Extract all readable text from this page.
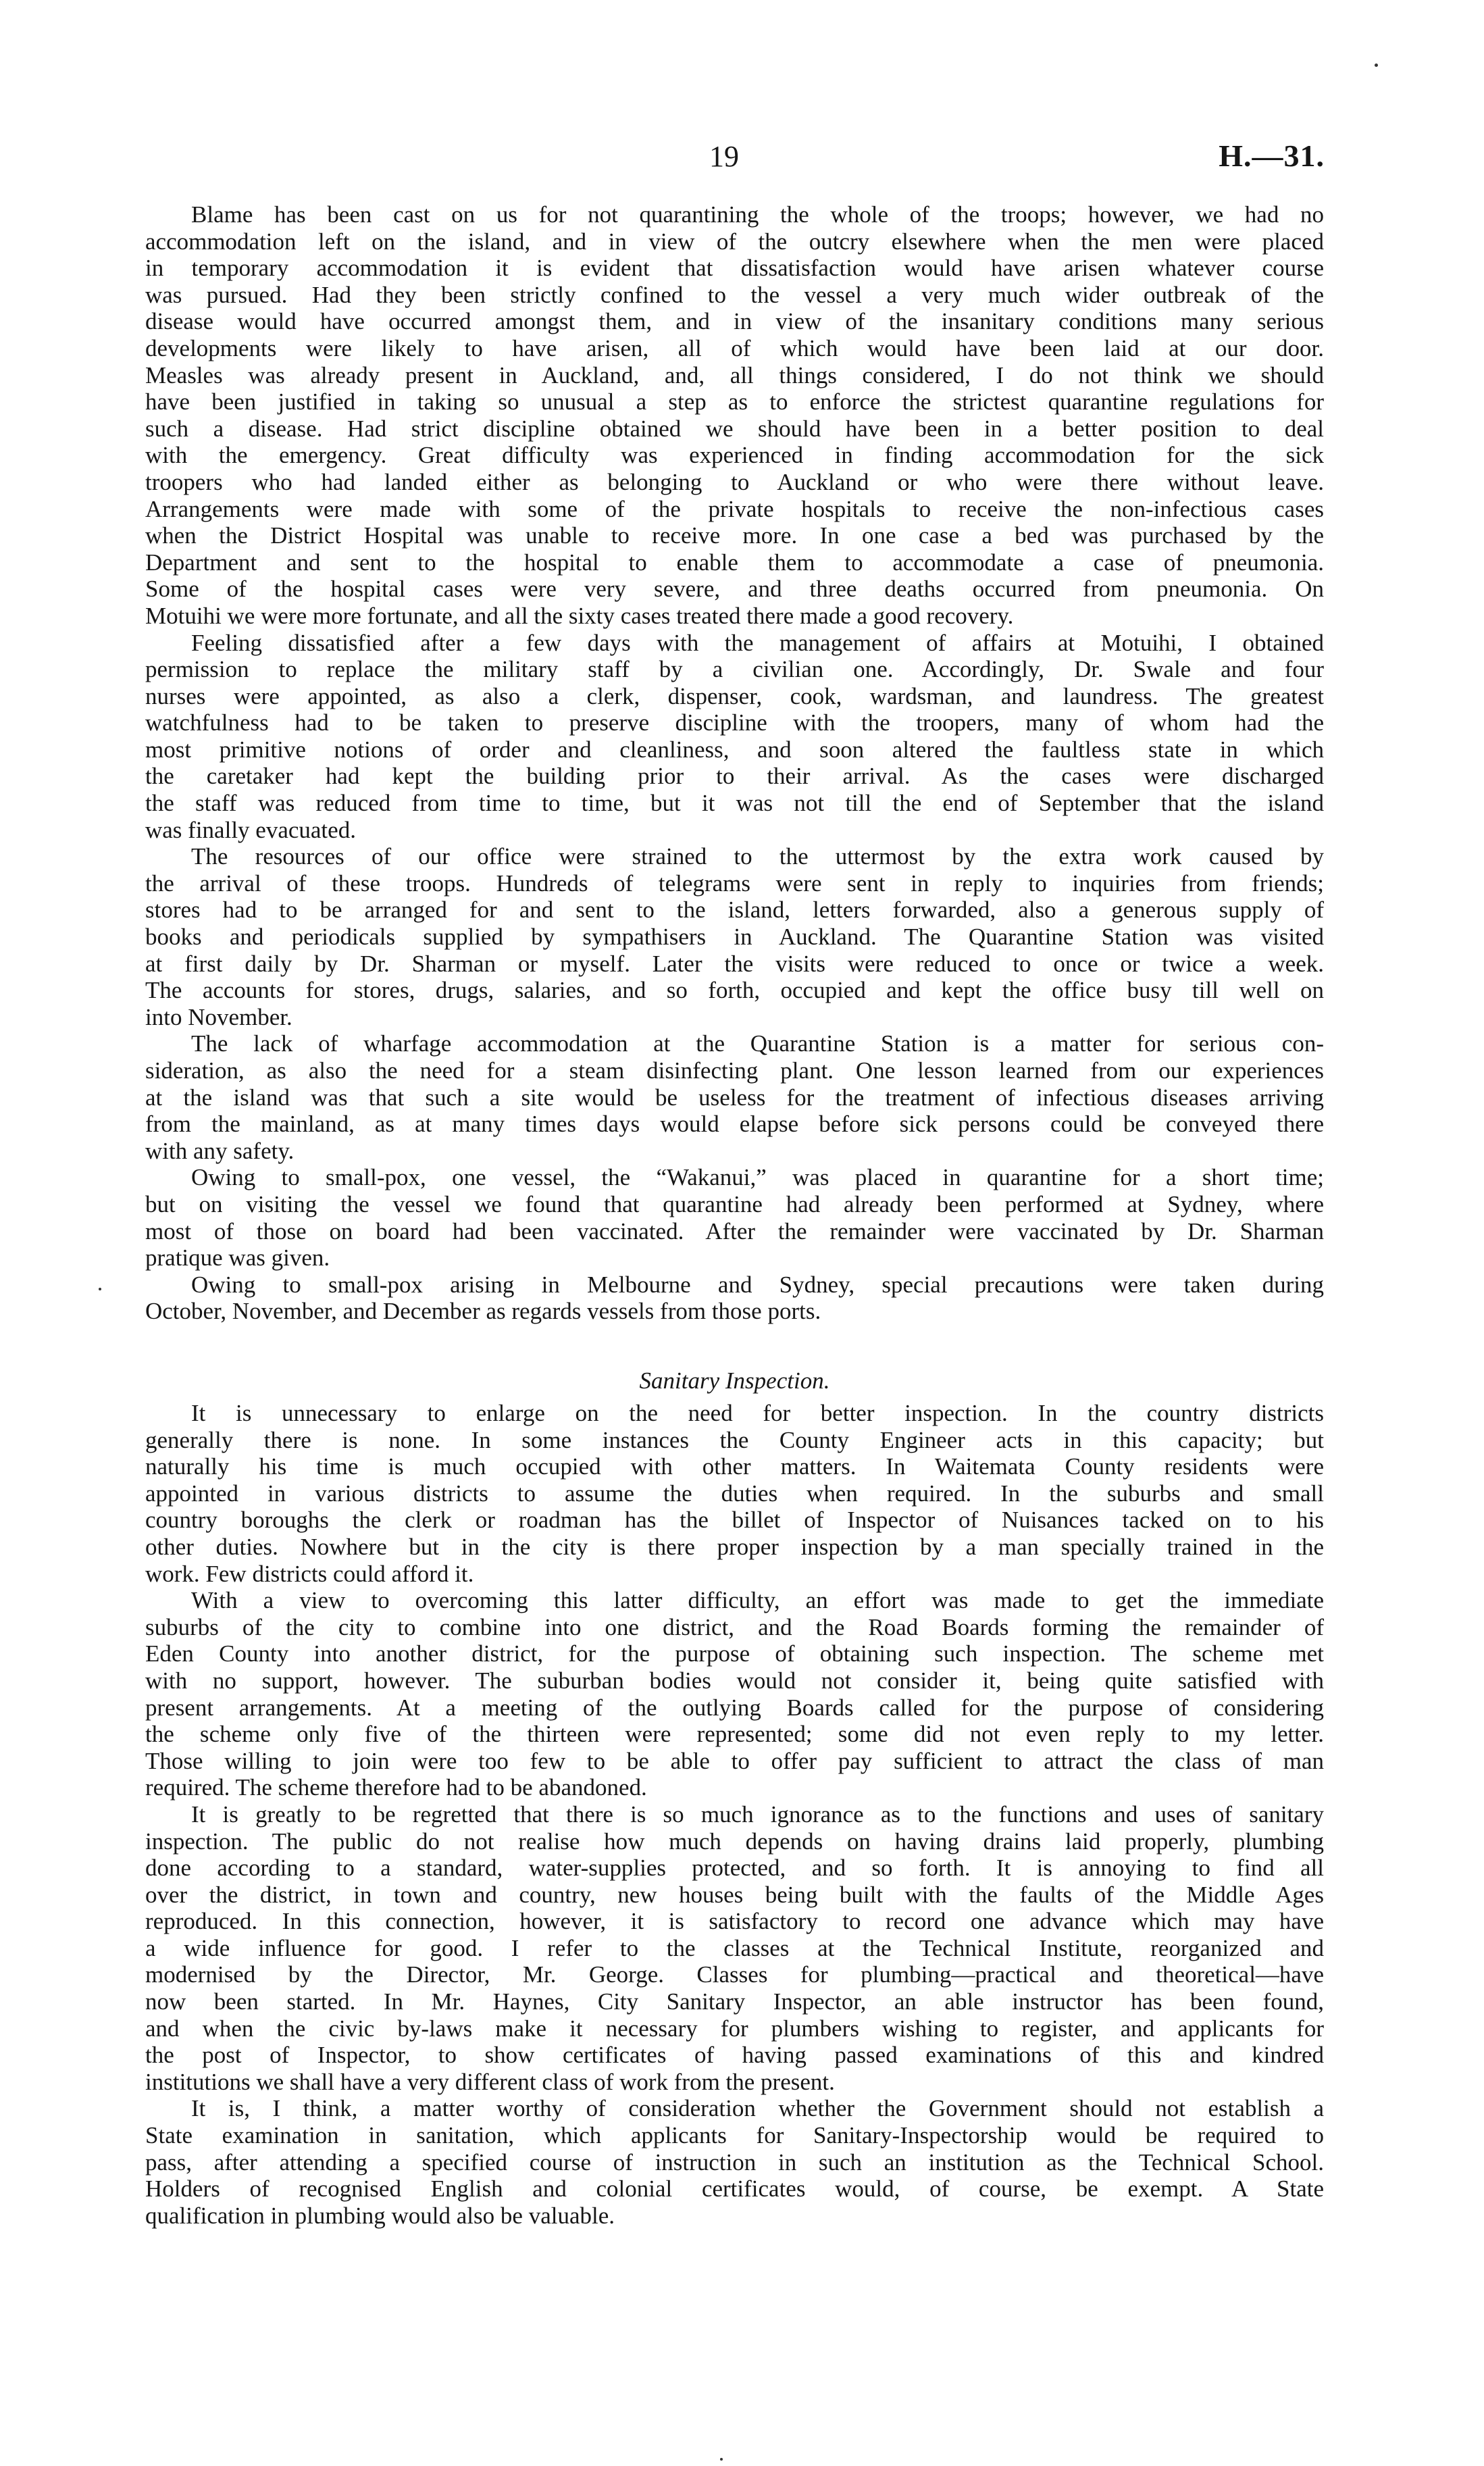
19	H.—31.
Blame has been cast on us for not quarantining the whole of the troops; however, we had no
accommodation left on the island, and in view of the outcry elsewhere when the men were placed
in temporary accommodation it is evident that dissatisfaction would have arisen whatever course
was pursued. Had they been strictly confined to the vessel a very much wider outbreak of the
disease would have occurred amongst them, and in view of the insanitary conditions many serious
developments were likely to have arisen, all of which would have been laid at our door.
Measles was already present in Auckland, and, all things considered, I do not think we should
have been justified in taking so unusual a step as to enforce the strictest quarantine regulations for
such a disease. Had strict discipline obtained we should have been in a better position to deal
with the emergency. Great difficulty was experienced in finding accommodation for the sick
troopers who had landed either as belonging to Auckland or who were there without leave.
Arrangements were made with some of the private hospitals to receive the non-infectious cases
when the District Hospital was unable to receive more. In one case a bed was purchased by the
Department and sent to the hospital to enable them to accommodate a case of pneumonia.
Some of the hospital cases were very severe, and three deaths occurred from pneumonia. On
Motuihi we were more fortunate, and all the sixty cases treated there made a good recovery.
Feeling dissatisfied after a few days with the management of affairs at Motuihi, I obtained
permission to replace the military staff by a civilian one. Accordingly, Dr. Swale and four
nurses were appointed, as also a clerk, dispenser, cook, wardsman, and laundress. The greatest
watchfulness had to be taken to preserve discipline with the troopers, many of whom had the
most primitive notions of order and cleanliness, and soon altered the faultless state in which
the caretaker had kept the building prior to their arrival. As the cases were discharged
the staff was reduced from time to time, but it was not till the end of September that the island
was finally evacuated.
The resources of our office were strained to the uttermost by the extra work caused by
the arrival of these troops. Hundreds of telegrams were sent in reply to inquiries from friends;
stores had to be arranged for and sent to the island, letters forwarded, also a generous supply of
books and periodicals supplied by sympathisers in Auckland. The Quarantine Station was visited
at first daily by Dr. Sharman or myself. Later the visits were reduced to once or twice a week.
The accounts for stores, drugs, salaries, and so forth, occupied and kept the office busy till well on
into November.
The lack of wharfage accommodation at the Quarantine Station is a matter for serious con-
sideration, as also the need for a steam disinfecting plant. One lesson learned from our experiences
at the island was that such a site would be useless for the treatment of infectious diseases arriving
from the mainland, as at many times days would elapse before sick persons could be conveyed there
with any safety.
Owing to small-pox, one vessel, the “Wakanui,” was placed in quarantine for a short time;
but on visiting the vessel we found that quarantine had already been performed at Sydney, where
most of those on board had been vaccinated. After the remainder were vaccinated by Dr. Sharman
pratique was given.
Owing to small-pox arising in Melbourne and Sydney, special precautions were taken during
October, November, and December as regards vessels from those ports.
Sanitary Inspection.
It is unnecessary to enlarge on the need for better inspection. In the country districts
generally there is none. In some instances the County Engineer acts in this capacity; but
naturally his time is much occupied with other matters. In Waitemata County residents were
appointed in various districts to assume the duties when required. In the suburbs and small
country boroughs the clerk or roadman has the billet of Inspector of Nuisances tacked on to his
other duties. Nowhere but in the city is there proper inspection by a man specially trained in the
work. Few districts could afford it.
With a view to overcoming this latter difficulty, an effort was made to get the immediate
suburbs of the city to combine into one district, and the Road Boards forming the remainder of
Eden County into another district, for the purpose of obtaining such inspection. The scheme met
with no support, however. The suburban bodies would not consider it, being quite satisfied with
present arrangements. At a meeting of the outlying Boards called for the purpose of considering
the scheme only five of the thirteen were represented; some did not even reply to my letter.
Those willing to join were too few to be able to offer pay sufficient to attract the class of man
required. The scheme therefore had to be abandoned.
It is greatly to be regretted that there is so much ignorance as to the functions and uses of sanitary
inspection. The public do not realise how much depends on having drains laid properly, plumbing
done according to a standard, water-supplies protected, and so forth. It is annoying to find all
over the district, in town and country, new houses being built with the faults of the Middle Ages
reproduced. In this connection, however, it is satisfactory to record one advance which may have
a wide influence for good. I refer to the classes at the Technical Institute, reorganized and
modernised by the Director, Mr. George. Classes for plumbing—practical and theoretical—have
now been started. In Mr. Haynes, City Sanitary Inspector, an able instructor has been found,
and when the civic by-laws make it necessary for plumbers wishing to register, and applicants for
the post of Inspector, to show certificates of having passed examinations of this and kindred
institutions we shall have a very different class of work from the present.
It is, I think, a matter worthy of consideration whether the Government should not establish a
State examination in sanitation, which applicants for Sanitary-Inspectorship would be required to
pass, after attending a specified course of instruction in such an institution as the Technical School.
Holders of recognised English and colonial certificates would, of course, be exempt. A State
qualification in plumbing would also be valuable.
